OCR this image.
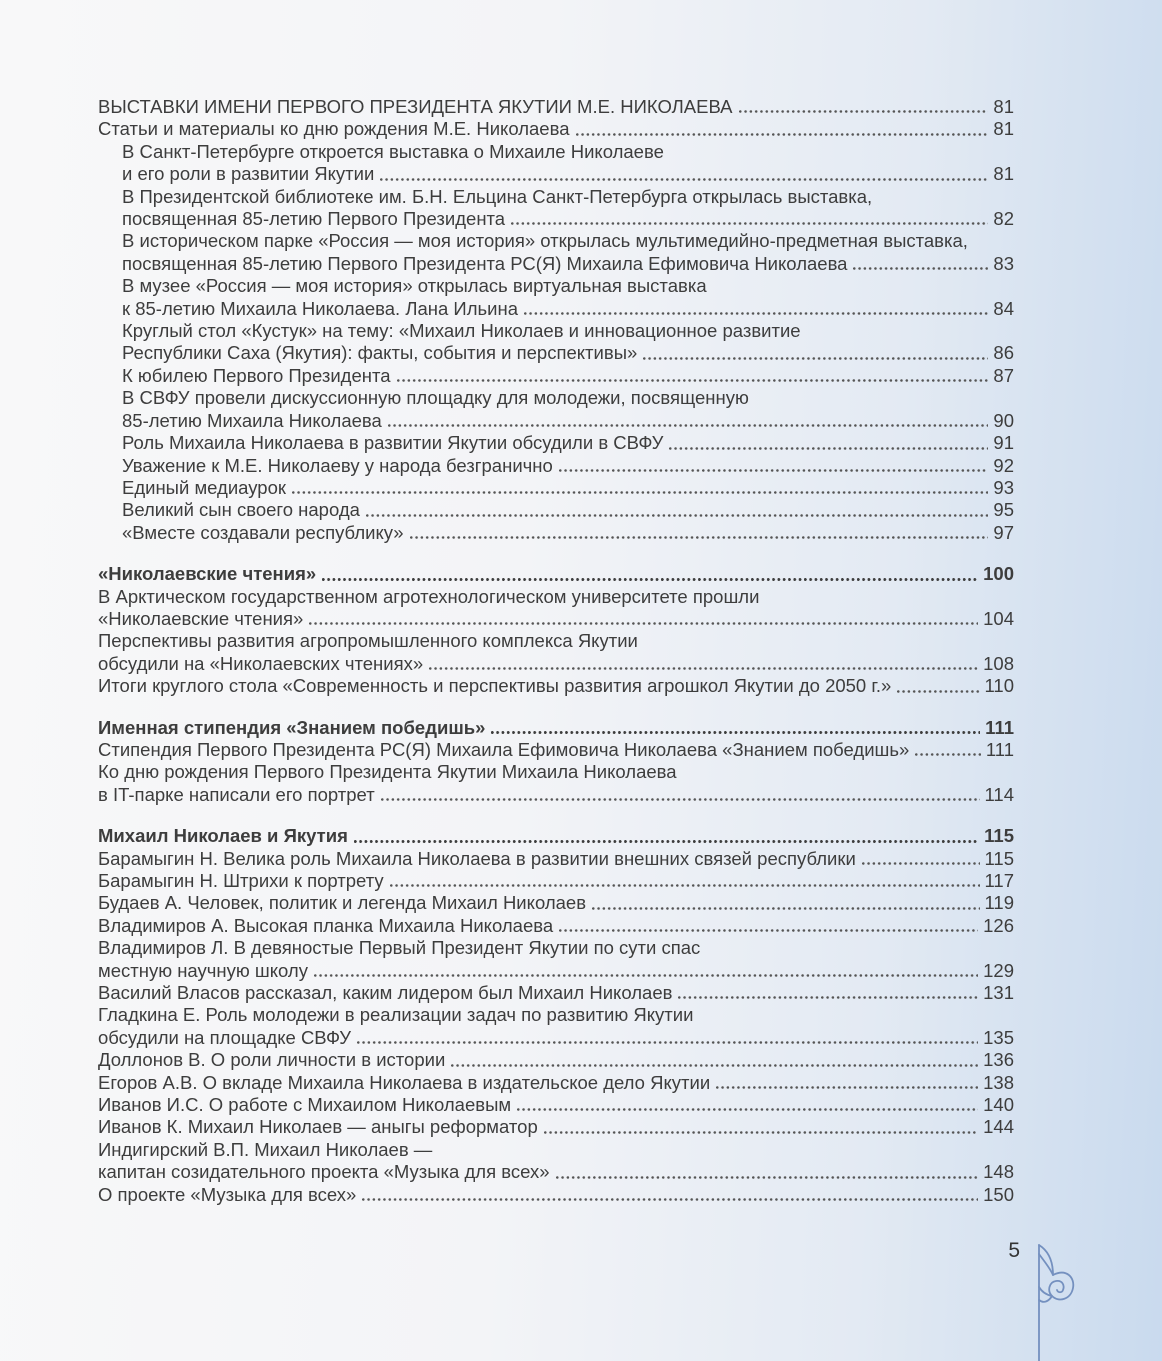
ВЫСТАВКИ ИМЕНИ ПЕРВОГО ПРЕЗИДЕНТА ЯКУТИИ М.Е. НИКОЛАЕВА	81
Статьи и материалы ко дню рождения М.Е. Николаева	81
В Санкт-Петербурге откроется выставка о Михаиле Николаеве
и его роли в развитии Якутии	81
В Президентской библиотеке им. Б.Н. Ельцина Санкт-Петербурга открылась выставка,
посвященная 85-летию Первого Президента	82
В историческом парке «Россия — моя история» открылась мультимедийно-предметная выставка,
посвященная 85-летию Первого Президента РС(Я) Михаила Ефимовича Николаева	83
В музее «Россия — моя история» открылась виртуальная выставка
к 85-летию Михаила Николаева. Лана Ильина	84
Круглый стол «Кустук» на тему: «Михаил Николаев и инновационное развитие
Республики Саха (Якутия): факты, события и перспективы»	86
К юбилею Первого Президента	87
В СВФУ провели дискуссионную площадку для молодежи, посвященную
85-летию Михаила Николаева	90
Роль Михаила Николаева в развитии Якутии обсудили в СВФУ	91
Уважение к М.Е. Николаеву у народа безгранично	92
Единый медиаурок	93
Великий сын своего народа	95
«Вместе создавали республику»	97
«Николаевские чтения»	100
В Арктическом государственном агротехнологическом университете прошли
«Николаевские чтения»	104
Перспективы развития агропромышленного комплекса Якутии
обсудили на «Николаевских чтениях»	108
Итоги круглого стола «Современность и перспективы развития агрошкол Якутии до 2050 г.»	110
Именная стипендия «Знанием победишь»	111
Стипендия Первого Президента РС(Я) Михаила Ефимовича Николаева «Знанием победишь»	111
Ко дню рождения Первого Президента Якутии Михаила Николаева
в IT-парке написали его портрет	114
Михаил Николаев и Якутия	115
Барамыгин Н. Велика роль Михаила Николаева в развитии внешних связей республики	115
Барамыгин Н. Штрихи к портрету	117
Будаев А. Человек, политик и легенда Михаил Николаев	119
Владимиров А. Высокая планка Михаила Николаева	126
Владимиров Л. В девяностые Первый Президент Якутии по сути спас
местную научную школу	129
Василий Власов рассказал, каким лидером был Михаил Николаев	131
Гладкина Е. Роль молодежи в реализации задач по развитию Якутии
обсудили на площадке СВФУ	135
Доллонов В. О роли личности в истории	136
Егоров А.В. О вкладе Михаила Николаева в издательское дело Якутии	138
Иванов И.С. О работе с Михаилом Николаевым	140
Иванов К. Михаил Николаев — аныгы реформатор	144
Индигирский В.П. Михаил Николаев —
капитан созидательного проекта «Музыка для всех»	148
О проекте «Музыка для всех»	150
5
